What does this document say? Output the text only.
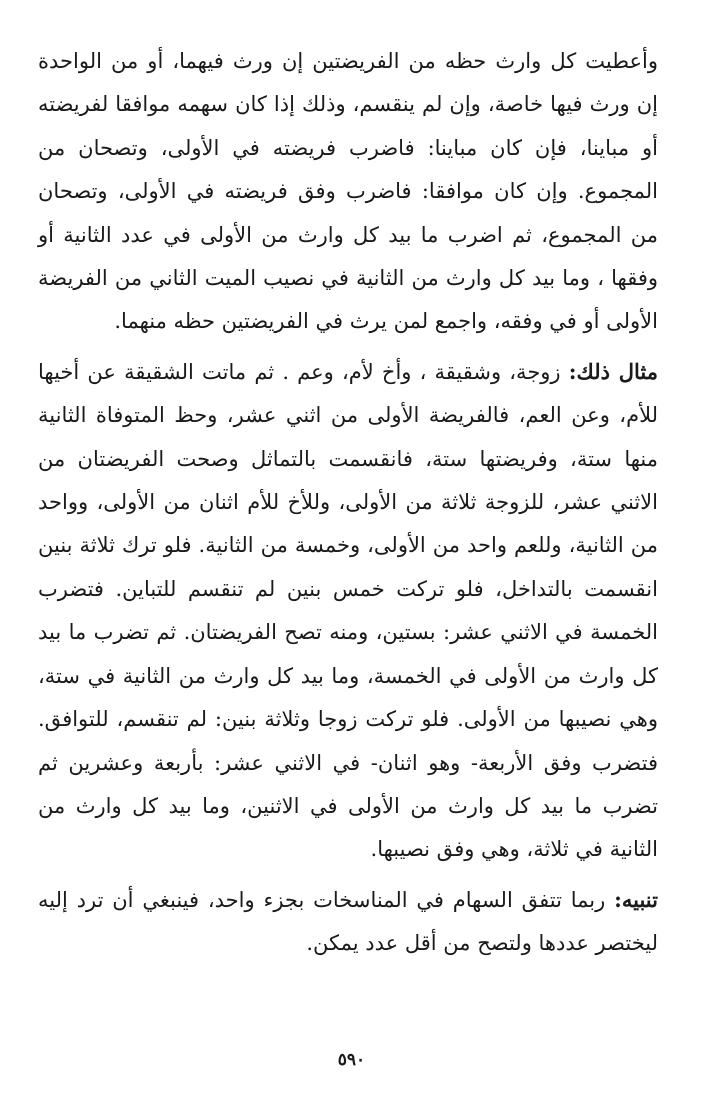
وأعطيت كل وارث حظه من الفريضتين إن ورث فيهما، أو من الواحدة إن ورث فيها خاصة، وإن لم ينقسم، وذلك إذا كان سهمه موافقا لفريضته أو مباينا، فإن كان مباينا: فاضرب فريضته في الأولى، وتصحان من المجموع. وإن كان موافقا: فاضرب وفق فريضته في الأولى، وتصحان من المجموع، ثم اضرب ما بيد كل وارث من الأولى في عدد الثانية أو وفقها ، وما بيد كل وارث من الثانية في نصيب الميت الثاني من الفريضة الأولى أو في وفقه، واجمع لمن يرث في الفريضتين حظه منهما.

مثال ذلك: زوجة، وشقيقة ، وأخ لأم، وعم . ثم ماتت الشقيقة عن أخيها للأم، وعن العم، فالفريضة الأولى من اثني عشر، وحظ المتوفاة الثانية منها ستة، وفريضتها ستة، فانقسمت بالتماثل وصحت الفريضتان من الاثني عشر، للزوجة ثلاثة من الأولى، وللأخ للأم اثنان من الأولى، وواحد من الثانية، وللعم واحد من الأولى، وخمسة من الثانية. فلو ترك ثلاثة بنين انقسمت بالتداخل، فلو تركت خمس بنين لم تنقسم للتباين. فتضرب الخمسة في الاثني عشر: بستين، ومنه تصح الفريضتان. ثم تضرب ما بيد كل وارث من الأولى في الخمسة، وما بيد كل وارث من الثانية في ستة، وهي نصيبها من الأولى. فلو تركت زوجا وثلاثة بنين: لم تنقسم، للتوافق. فتضرب وفق الأربعة- وهو اثنان- في الاثني عشر: بأربعة وعشرين ثم تضرب ما بيد كل وارث من الأولى في الاثنين، وما بيد كل وارث من الثانية في ثلاثة، وهي وفق نصيبها.

تنبيه: ربما تتفق السهام في المناسخات بجزء واحد، فينبغي أن ترد إليه ليختصر عددها ولتصح من أقل عدد يمكن.

٥٩٠
